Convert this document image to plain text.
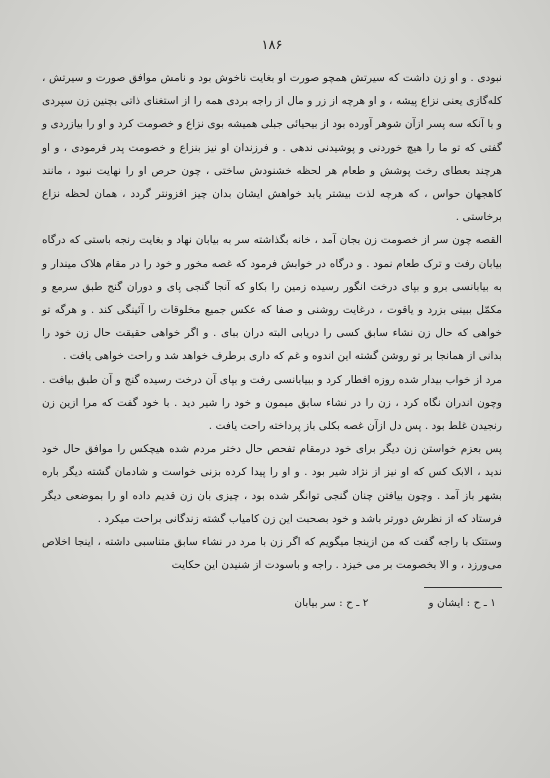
۱۸۶

نبودی . و او زن داشت که سیرتش همچو صورت او بغایت ناخوش بود و نامش موافق صورت و سیرتش ، کله‌گازی یعنی نزاع پیشه ، و او هرچه از زر و مال از راجه بردی همه را از استغنای ذاتی بچنین زن سپردی و با آنکه سه پسر ازآن شوهر آورده بود از بیحیائی جبلی همیشه بوی نزاع و خصومت کرد و او را بیازردی و گفتی که تو ما را هیچ خوردنی و پوشیدنی ندهی . و فرزندان او نیز بنزاع و خصومت پدر فرمودی ، و او هرچند بعطای رخت پوشش و طعام هر لحظه خشنودش ساختی ، چون حرص او را نهایت نبود ، مانند کاهجهان حواس ، که هرچه لذت بیشتر یابد خواهش ایشان بدان چیز افزونتر گردد ، همان لحظه نزاع برخاستی .

القصه چون سر از خصومت زن بجان آمد ، خانه بگذاشته سر به بیابان نهاد و بغایت رنجه باستی که درگاه بیابان رفت و ترک طعام نمود . و درگاه در خوابش فرمود که غصه مخور و خود را در مقام هلاک میندار و به بیابانسی برو و بپای درخت انگور رسیده زمین را بکاو که آنجا گنجی پای و دوران گنج طبق سرمع و مکمّل ببینی بزرد و یاقوت ، درغایت روشنی و صفا که عکس جمیع مخلوقات را آئینگی کند . و هرگه تو خواهی که حال زن نشاء سابق کسی را دریابی البته دران ببای . و اگر خواهی حقیقت حال زن خود را بدانی از همانجا بر تو روشن گشته این اندوه و غم که داری برطرف خواهد شد و راحت خواهی یافت .

مرد از خواب بیدار شده روزه افطار کرد و ببیابانسی رفت و بپای آن درخت رسیده گنج و آن طبق بیافت . وچون اندران نگاه کرد ، زن را در نشاء سابق میمون و خود را شیر دید . با خود گفت که مرا ازین زن رنجیدن غلط بود . پس دل ازآن غصه بکلی باز پرداخته راحت یافت .

پس بعزم خواستن زن دیگر برای خود درمقام تفحص حال دختر مردم شده هیچکس را موافق حال خود ندید ، الابک کس که او نیز از نژاد شیر بود . و او را پیدا کرده بزنی خواست و شادمان گشته دیگر باره بشهر باز آمد . وچون بیافتن چنان گنجی توانگر شده بود ، چیزی بان زن قدیم داده او را بموضعی دیگر فرستاد که از نظرش دورتر باشد و خود بصحبت این زن کامیاب گشته زندگانی براحت میکرد .

وستتک با راجه گفت که من ازینجا میگویم که اگر زن با مرد در نشاء سابق متناسبی داشته ، اینجا اخلاص می‌ورزد ، و الا بخصومت بر می خیزد . راجه و باسودت از شنیدن این حکایت

۱ ـ ح : ایشان و
۲ ـ ح : سر بیابان
